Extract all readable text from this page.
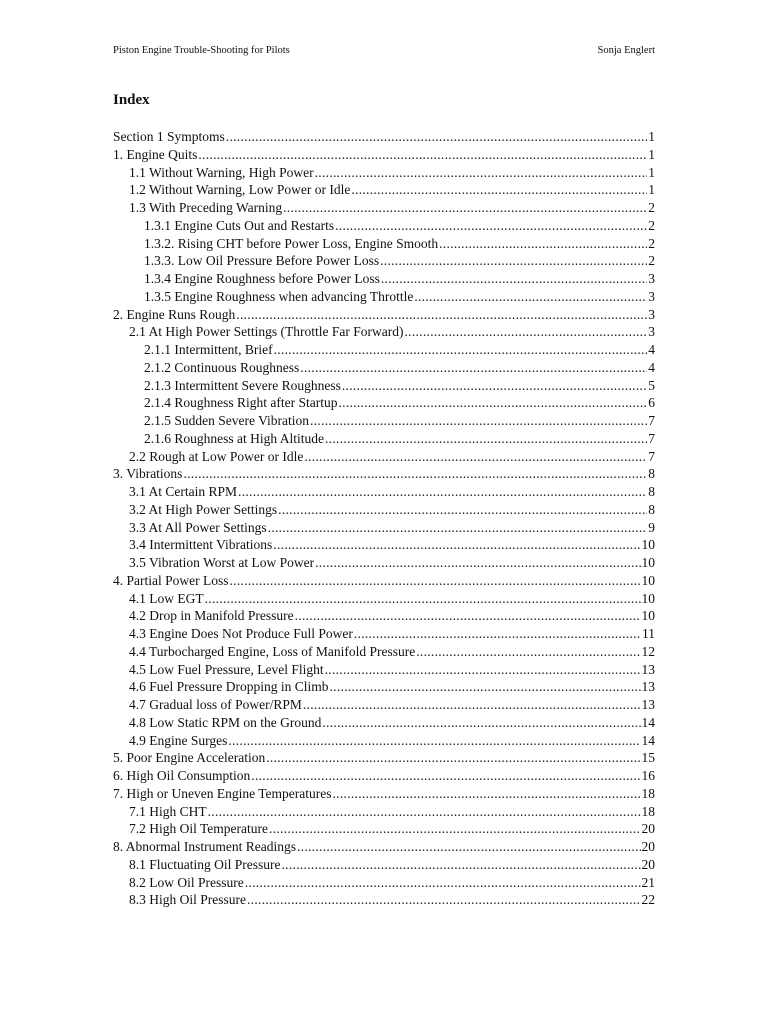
Piston Engine Trouble-Shooting for Pilots	Sonja Englert
Index
Section 1 Symptoms .....	1
1. Engine Quits .....	1
1.1 Without Warning, High Power .....	1
1.2 Without Warning, Low Power or Idle .....	1
1.3 With Preceding Warning .....	2
1.3.1 Engine Cuts Out and Restarts .....	2
1.3.2. Rising CHT before Power Loss, Engine Smooth .....	2
1.3.3. Low Oil Pressure Before Power Loss .....	2
1.3.4 Engine Roughness before Power Loss .....	3
1.3.5 Engine Roughness when advancing Throttle .....	3
2. Engine Runs Rough .....	3
2.1 At High Power Settings (Throttle Far Forward) .....	3
2.1.1 Intermittent, Brief .....	4
2.1.2 Continuous Roughness .....	4
2.1.3 Intermittent Severe Roughness .....	5
2.1.4 Roughness Right after Startup .....	6
2.1.5 Sudden Severe Vibration .....	7
2.1.6 Roughness at High Altitude .....	7
2.2 Rough at Low Power or Idle .....	7
3. Vibrations .....	8
3.1 At Certain RPM .....	8
3.2 At High Power Settings .....	8
3.3 At All Power Settings .....	9
3.4 Intermittent Vibrations .....	10
3.5 Vibration Worst at Low Power .....	10
4. Partial Power Loss .....	10
4.1 Low EGT .....	10
4.2 Drop in Manifold Pressure .....	10
4.3 Engine Does Not Produce Full Power .....	11
4.4 Turbocharged Engine, Loss of Manifold Pressure .....	12
4.5 Low Fuel Pressure, Level Flight .....	13
4.6 Fuel Pressure Dropping in Climb .....	13
4.7 Gradual loss of Power/RPM .....	13
4.8 Low Static RPM on the Ground .....	14
4.9 Engine Surges .....	14
5. Poor Engine Acceleration .....	15
6. High Oil Consumption .....	16
7. High or Uneven Engine Temperatures .....	18
7.1 High CHT .....	18
7.2 High Oil Temperature .....	20
8. Abnormal Instrument Readings .....	20
8.1 Fluctuating Oil Pressure .....	20
8.2 Low Oil Pressure .....	21
8.3 High Oil Pressure .....	22
